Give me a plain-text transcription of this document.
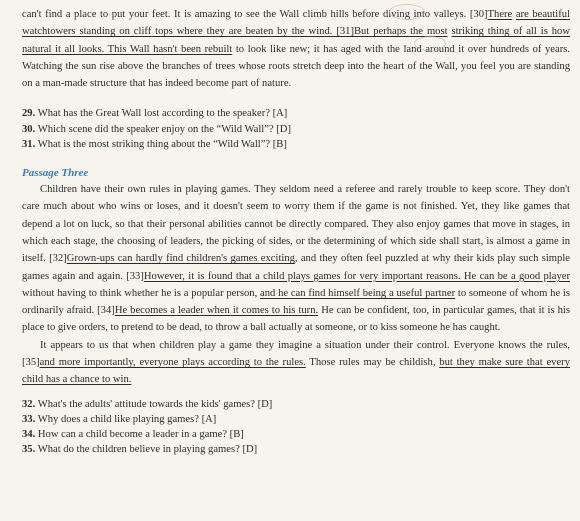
can't find a place to put your feet. It is amazing to see the Wall climb hills before diving into valleys. [30]There are beautiful watchtowers standing on cliff tops where they are beaten by the wind. [31]But perhaps the most striking thing of all is how natural it all looks. This Wall hasn't been rebuilt to look like new; it has aged with the land around it over hundreds of years. Watching the sun rise above the branches of trees whose roots stretch deep into the heart of the Wall, you feel you are standing on a man-made structure that has indeed become part of nature.

29. What has the Great Wall lost according to the speaker? [A]
30. Which scene did the speaker enjoy on the “Wild Wall”? [D]
31. What is the most striking thing about the “Wild Wall”? [B]

Passage Three

Children have their own rules in playing games. They seldom need a referee and rarely trouble to keep score. They don't care much about who wins or loses, and it doesn't seem to worry them if the game is not finished. Yet, they like games that depend a lot on luck, so that their personal abilities cannot be directly compared. They also enjoy games that move in stages, in which each stage, the choosing of leaders, the picking of sides, or the determining of which side shall start, is almost a game in itself. [32]Grown-ups can hardly find children's games exciting, and they often feel puzzled at why their kids play such simple games again and again. [33]However, it is found that a child plays games for very important reasons. He can be a good player without having to think whether he is a popular person, and he can find himself being a useful partner to someone of whom he is ordinarily afraid. [34]He becomes a leader when it comes to his turn. He can be confident, too, in particular games, that it is his place to give orders, to pretend to be dead, to throw a ball actually at someone, or to kiss someone he has caught.

It appears to us that when children play a game they imagine a situation under their control. Everyone knows the rules, [35]and more importantly, everyone plays according to the rules. Those rules may be childish, but they make sure that every child has a chance to win.

32. What's the adults' attitude towards the kids' games? [D]
33. Why does a child like playing games? [A]
34. How can a child become a leader in a game? [B]
35. What do the children believe in playing games? [D]
